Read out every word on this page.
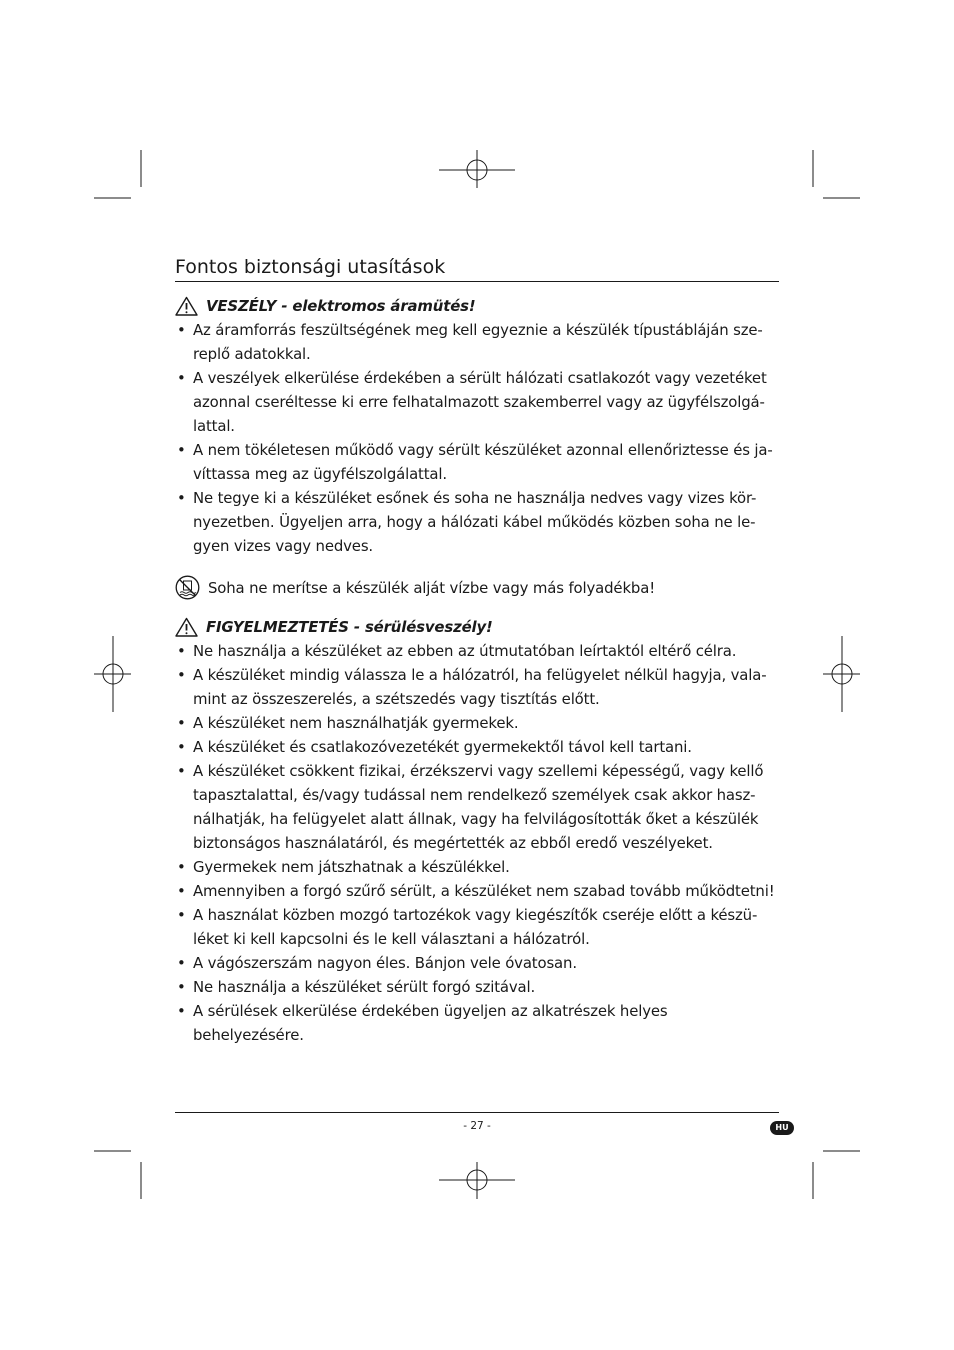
Fontos biztonsági utasítások
VESZÉLY - elektromos áramütés!
• Az áramforrás feszültségének meg kell egyeznie a készülék típustábláján sze-replő adatokkal.
• A veszélyek elkerülése érdekében a sérült hálózati csatlakozót vagy vezetéket azonnal cseréltesse ki erre felhatalmazott szakemberrel vagy az ügyfélszolgá-lattal.
• A nem tökéletesen működő vagy sérült készüléket azonnal ellenőriztesse és ja-víttassa meg az ügyfélszolgálattal.
• Ne tegye ki a készüléket esőnek és soha ne használja nedves vagy vizes kör-nyezetben. Ügyeljen arra, hogy a hálózati kábel működés közben soha ne le-gyen vizes vagy nedves.
Soha ne merítse a készülék alját vízbe vagy más folyadékba!
FIGYELMEZTETÉS - sérülésveszély!
• Ne használja a készüléket az ebben az útmutatóban leírtaktól eltérő célra.
• A készüléket mindig válassza le a hálózatról, ha felügyelet nélkül hagyja, vala-mint az összeszerelés, a szétszedés vagy tisztítás előtt.
• A készüléket nem használhatják gyermekek.
• A készüléket és csatlakozóvezetékét gyermekektől távol kell tartani.
• A készüléket csökkent fizikai, érzékszervi vagy szellemi képességű, vagy kellő tapasztalattal, és/vagy tudással nem rendelkező személyek csak akkor hasz-nálhatják, ha felügyelet alatt állnak, vagy ha felvilágosították őket a készülék biztonságos használatáról, és megértették az ebből eredő veszélyeket.
• Gyermekek nem játszhatnak a készülékkel.
• Amennyiben a forgó szűrő sérült, a készüléket nem szabad tovább működtetni!
• A használat közben mozgó tartozékok vagy kiegészítők cseréje előtt a készü-léket ki kell kapcsolni és le kell választani a hálózatról.
• A vágószerszám nagyon éles. Bánjon vele óvatosan.
• Ne használja a készüléket sérült forgó szitával.
• A sérülések elkerülése érdekében ügyeljen az alkatrészek helyes behelyezésére.
- 27 -	HU
